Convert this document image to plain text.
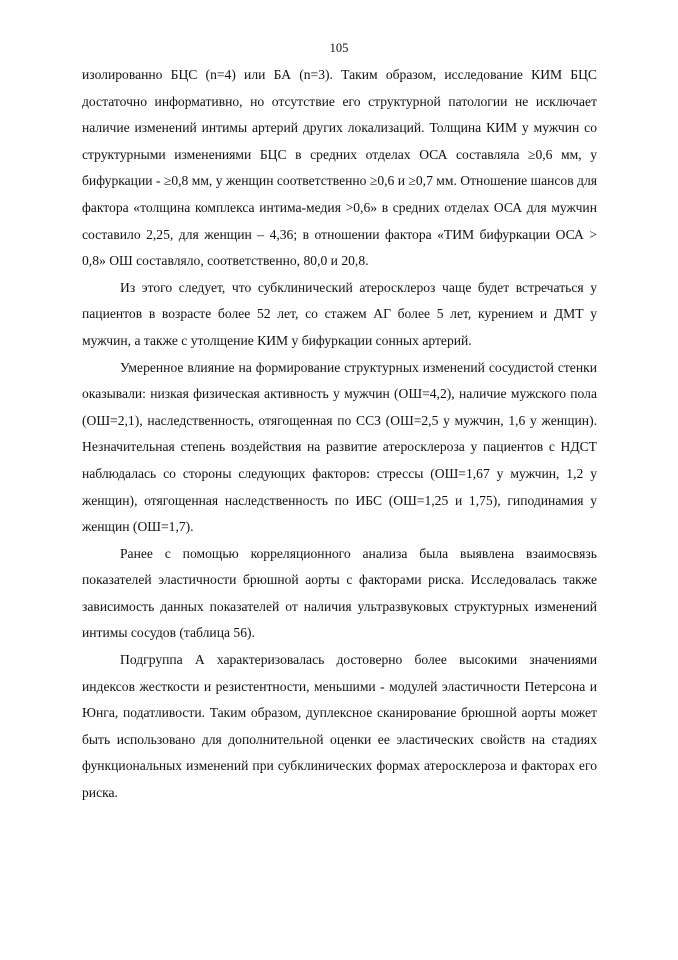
105

изолированно БЦС (n=4) или БА (n=3). Таким образом, исследование КИМ БЦС достаточно информативно, но отсутствие его структурной патологии не исключает наличие изменений интимы артерий других локализаций. Толщина КИМ у мужчин со структурными изменениями БЦС в средних отделах ОСА составляла ≥0,6 мм, у бифуркации - ≥0,8 мм, у женщин соответственно ≥0,6 и ≥0,7 мм. Отношение шансов для фактора «толщина комплекса интима-медия >0,6» в средних отделах ОСА для мужчин составило 2,25, для женщин – 4,36; в отношении фактора «ТИМ бифуркации ОСА > 0,8» ОШ составляло, соответственно, 80,0 и 20,8.

Из этого следует, что субклинический атеросклероз чаще будет встречаться у пациентов в возрасте более 52 лет, со стажем АГ более 5 лет, курением и ДМТ у мужчин, а также с утолщение КИМ у бифуркации сонных артерий.

Умеренное влияние на формирование структурных изменений сосудистой стенки оказывали: низкая физическая активность у мужчин (ОШ=4,2), наличие мужского пола (ОШ=2,1), наследственность, отягощенная по ССЗ (ОШ=2,5 у мужчин, 1,6 у женщин). Незначительная степень воздействия на развитие атеросклероза у пациентов с НДСТ наблюдалась со стороны следующих факторов: стрессы (ОШ=1,67 у мужчин, 1,2 у женщин), отягощенная наследственность по ИБС (ОШ=1,25 и 1,75), гиподинамия у женщин (ОШ=1,7).

Ранее с помощью корреляционного анализа была выявлена взаимосвязь показателей эластичности брюшной аорты с факторами риска. Исследовалась также зависимость данных показателей от наличия ультразвуковых структурных изменений интимы сосудов (таблица 56).

Подгруппа А характеризовалась достоверно более высокими значениями индексов жесткости и резистентности, меньшими - модулей эластичности Петерсона и Юнга, податливости. Таким образом, дуплексное сканирование брюшной аорты может быть использовано для дополнительной оценки ее эластических свойств на стадиях функциональных изменений при субклинических формах атеросклероза и факторах его риска.
